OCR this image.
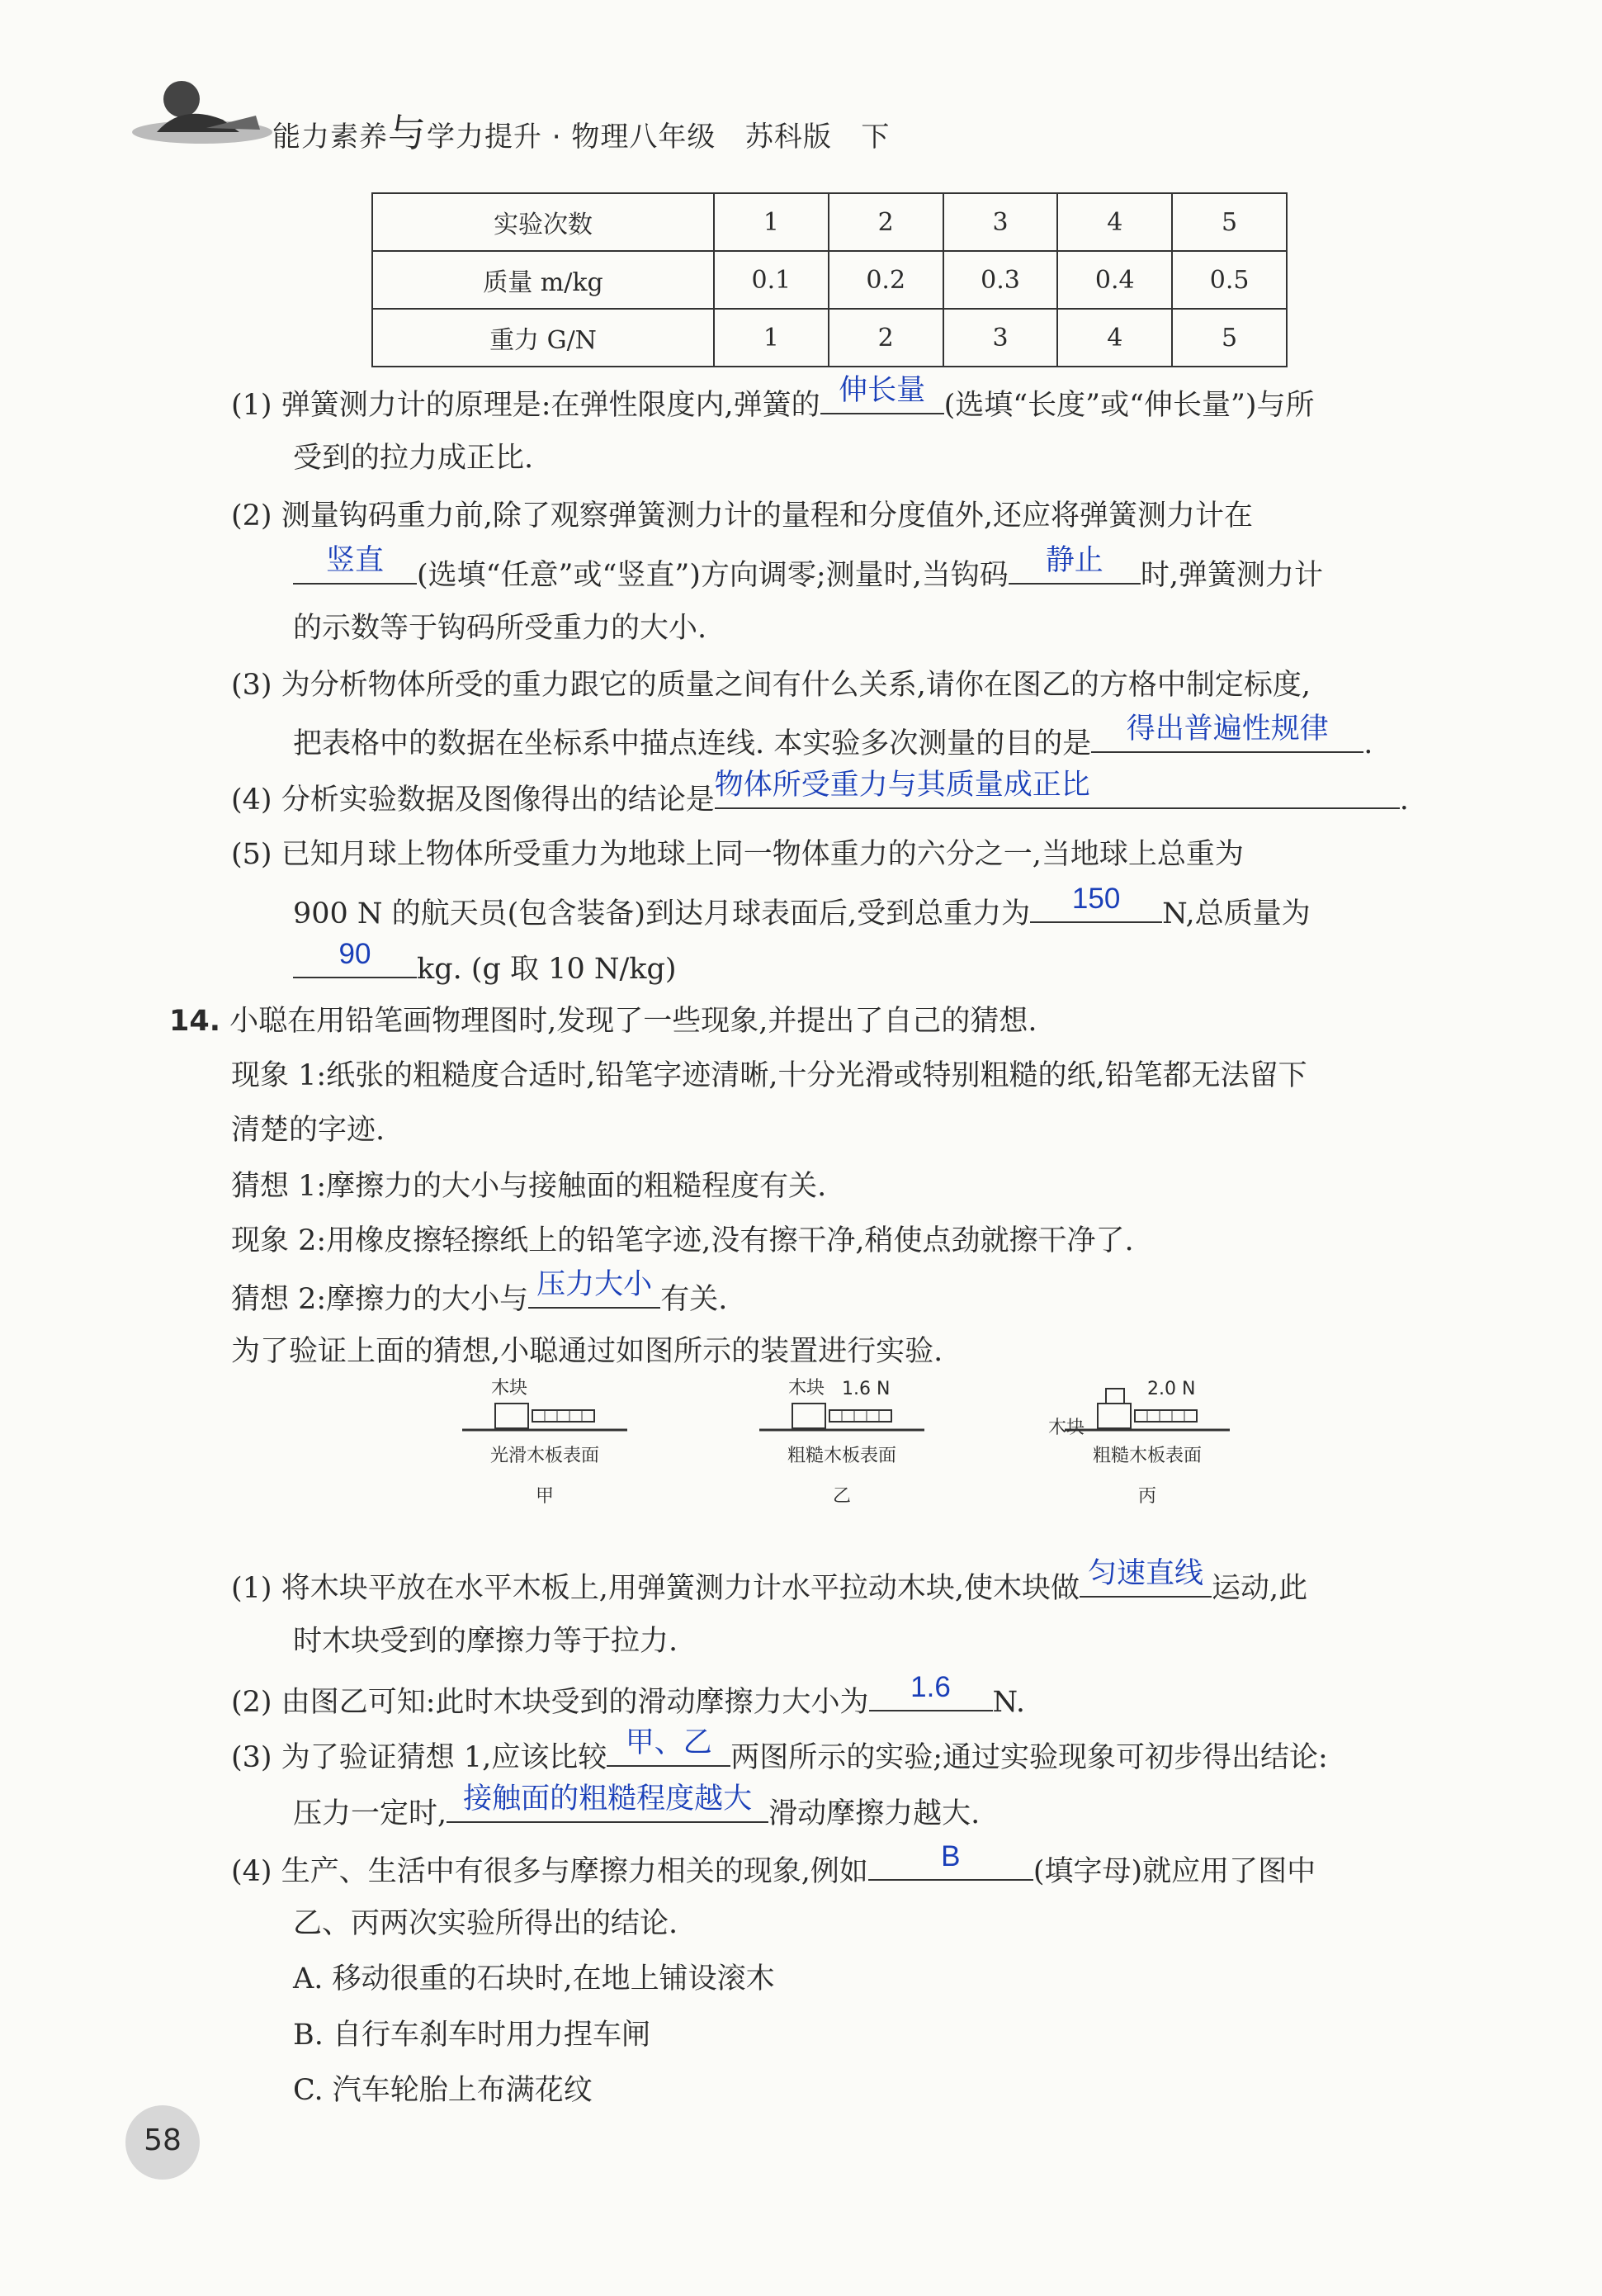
能力素养与学力提升 · 物理八年级 苏科版 下
实验次数	1	2	3	4	5
质量 m/kg	0.1	0.2	0.3	0.4	0.5
重力 G/N	1	2	3	4	5
(1) 弹簧测力计的原理是:在弹性限度内,弹簧的 伸长量 (选填“长度”或“伸长量”)与所
受到的拉力成正比.
(2) 测量钩码重力前,除了观察弹簧测力计的量程和分度值外,还应将弹簧测力计在
竖直	(选填“任意”或“竖直”)方向调零;测量时,当钩码	静止	时,弹簧测力计
的示数等于钩码所受重力的大小.
(3) 为分析物体所受的重力跟它的质量之间有什么关系,请你在图乙的方格中制定标度,
把表格中的数据在坐标系中描点连线. 本实验多次测量的目的是	得出普遍性规律	.
(4) 分析实验数据及图像得出的结论是 物体所受重力与其质量成正比	.
(5) 已知月球上物体所受重力为地球上同一物体重力的六分之一,当地球上总重为
900 N 的航天员(包含装备)到达月球表面后,受到总重力为	150	N,总质量为
90	kg. (g 取 10 N/kg)
14. 小聪在用铅笔画物理图时,发现了一些现象,并提出了自己的猜想.
现象 1:纸张的粗糙度合适时,铅笔字迹清晰,十分光滑或特别粗糙的纸,铅笔都无法留下
清楚的字迹.
猜想 1:摩擦力的大小与接触面的粗糙程度有关.
现象 2:用橡皮擦轻擦纸上的铅笔字迹,没有擦干净,稍使点劲就擦干净了.
猜想 2:摩擦力的大小与 压力大小 有关.
为了验证上面的猜想,小聪通过如图所示的装置进行实验.
木块
光滑木板表面
甲
木块 1.6 N
粗糙木板表面
乙
木块
2.0 N
粗糙木板表面
丙
(1) 将木块平放在水平木板上,用弹簧测力计水平拉动木块,使木块做 匀速直线 运动,此
时木块受到的摩擦力等于拉力.
(2) 由图乙可知:此时木块受到的滑动摩擦力大小为	1.6	N.
(3) 为了验证猜想 1,应该比较 甲、乙 两图所示的实验;通过实验现象可初步得出结论:
压力一定时, 接触面的粗糙程度越大 滑动摩擦力越大.
(4) 生产、生活中有很多与摩擦力相关的现象,例如	B	(填字母)就应用了图中
乙、丙两次实验所得出的结论.
A. 移动很重的石块时,在地上铺设滚木
B. 自行车刹车时用力捏车闸
C. 汽车轮胎上布满花纹
58
